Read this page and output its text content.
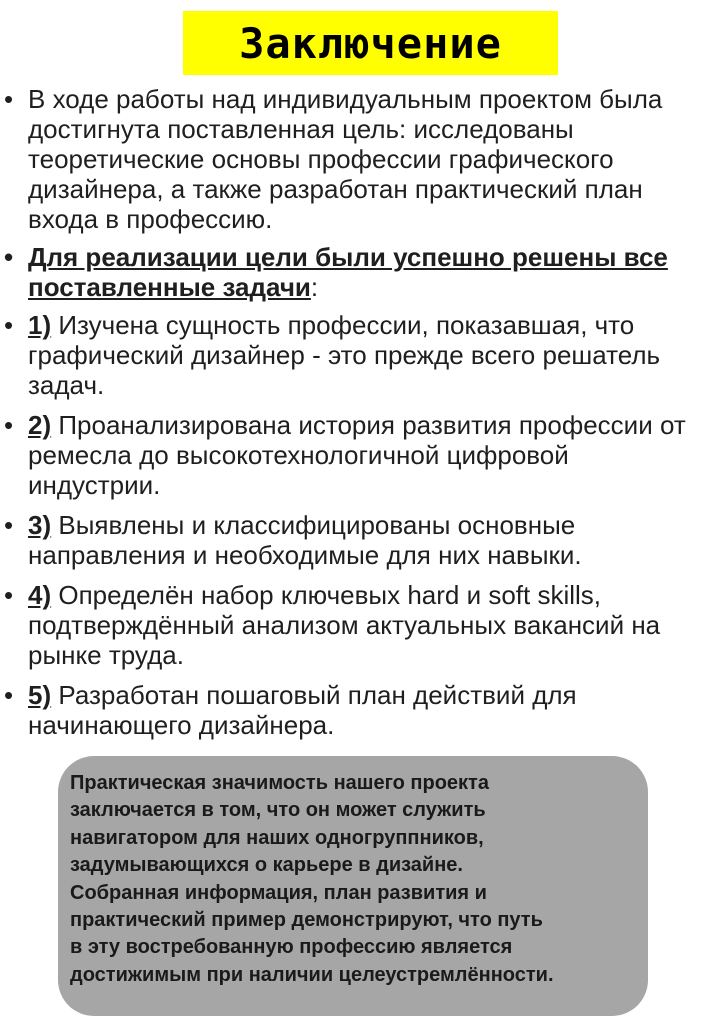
Заключение
• В ходе работы над индивидуальным проектом была
достигнута поставленная цель: исследованы
теоретические основы профессии графического
дизайнера, а также разработан практический план
входа в профессию.
• Для реализации цели были успешно решены все
поставленные задачи:
• 1) Изучена сущность профессии, показавшая, что
графический дизайнер - это прежде всего решатель
задач.
• 2) Проанализирована история развития профессии от
ремесла до высокотехнологичной цифровой
индустрии.
• 3) Выявлены и классифицированы основные
направления и необходимые для них навыки.
• 4) Определён набор ключевых hard и soft skills,
подтверждённый анализом актуальных вакансий на
рынке труда.
• 5) Разработан пошаговый план действий для
начинающего дизайнера.
Практическая значимость нашего проекта
заключается в том, что он может служить
навигатором для наших одногруппников,
задумывающихся о карьере в дизайне.
Собранная информация, план развития и
практический пример демонстрируют, что путь
в эту востребованную профессию является
достижимым при наличии целеустремлённости.
